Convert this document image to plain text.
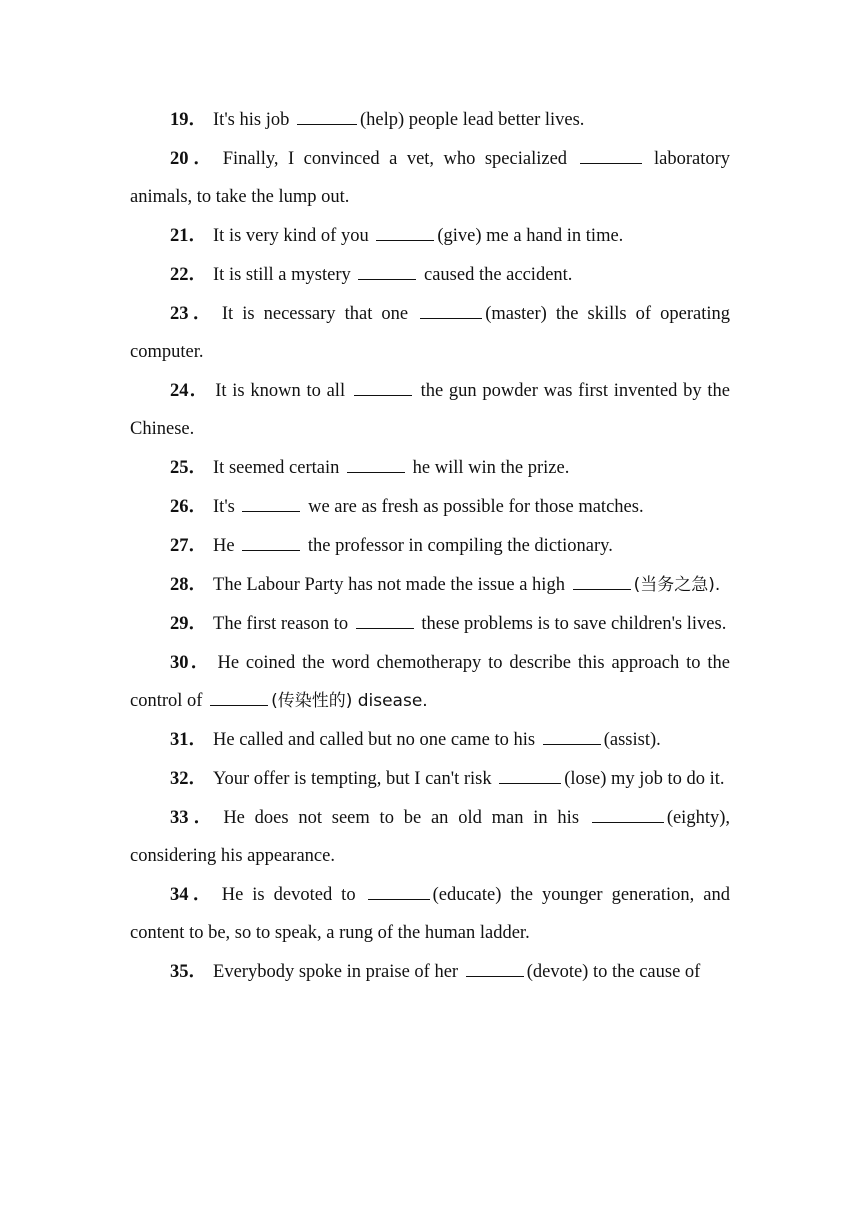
19． It's his job	(help) people lead better lives.

20． Finally, I convinced a vet, who specialized	laboratory animals, to take the lump out.

21． It is very kind of you	(give) me a hand in time.

22． It is still a mystery	caused the accident.

23． It is necessary that one	(master) the skills of operating computer.

24． It is known to all	the gun powder was first invented by the Chinese.

25． It seemed certain	he will win the prize.

26． It's	we are as fresh as possible for those matches.

27． He	the professor in compiling the dictionary.

28． The Labour Party has not made the issue a high	(当务之急).

29． The first reason to	these problems is to save children's lives.

30． He coined the word chemotherapy to describe this approach to the control of	(传染性的) disease.

31． He called and called but no one came to his	(assist).

32． Your offer is tempting, but I can't risk	(lose) my job to do it.

33． He does not seem to be an old man in his	(eighty), considering his appearance.

34． He is devoted to	(educate) the younger generation, and content to be, so to speak, a rung of the human ladder.

35． Everybody spoke in praise of her	(devote) to the cause of
